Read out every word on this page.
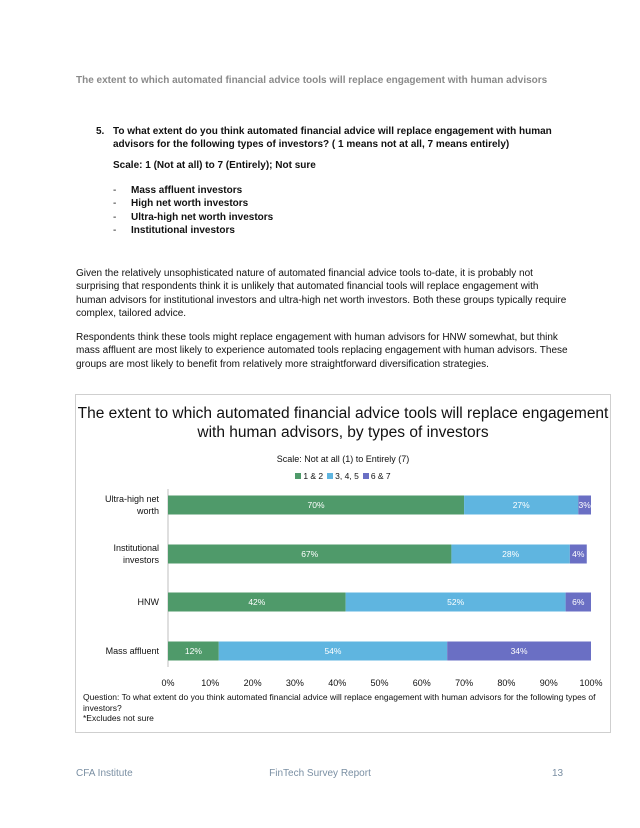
The extent to which automated financial advice tools will replace engagement with human advisors
5. To what extent do you think automated financial advice will replace engagement with human advisors for the following types of investors? ( 1 means not at all, 7 means entirely)
Scale: 1 (Not at all) to 7 (Entirely); Not sure
- Mass affluent investors
- High net worth investors
- Ultra-high net worth investors
- Institutional investors

Given the relatively unsophisticated nature of automated financial advice tools to-date, it is probably not surprising that respondents think it is unlikely that automated financial tools will replace engagement with human advisors for institutional investors and ultra-high net worth investors. Both these groups typically require complex, tailored advice.

Respondents think these tools might replace engagement with human advisors for HNW somewhat, but think mass affluent are most likely to experience automated tools replacing engagement with human advisors. These groups are most likely to benefit from relatively more straightforward diversification strategies.

The extent to which automated financial advice tools will replace engagement with human advisors, by types of investors
Scale: Not at all (1) to Entirely (7)
1 & 2 3, 4, 5 6 & 7
Ultra-high net worth
70%	27%	3%
Institutional investors
67%	28%	4%
HNW	42%	52%	6%
Mass affluent	12%	54%	34%
0%	10%	20%	30%	40%	50%	60%	70%	80%	90% 100%
Question: To what extent do you think automated financial advice will replace engagement with human advisors for the following types of investors?
*Excludes not sure
CFA Institute	FinTech Survey Report	13
